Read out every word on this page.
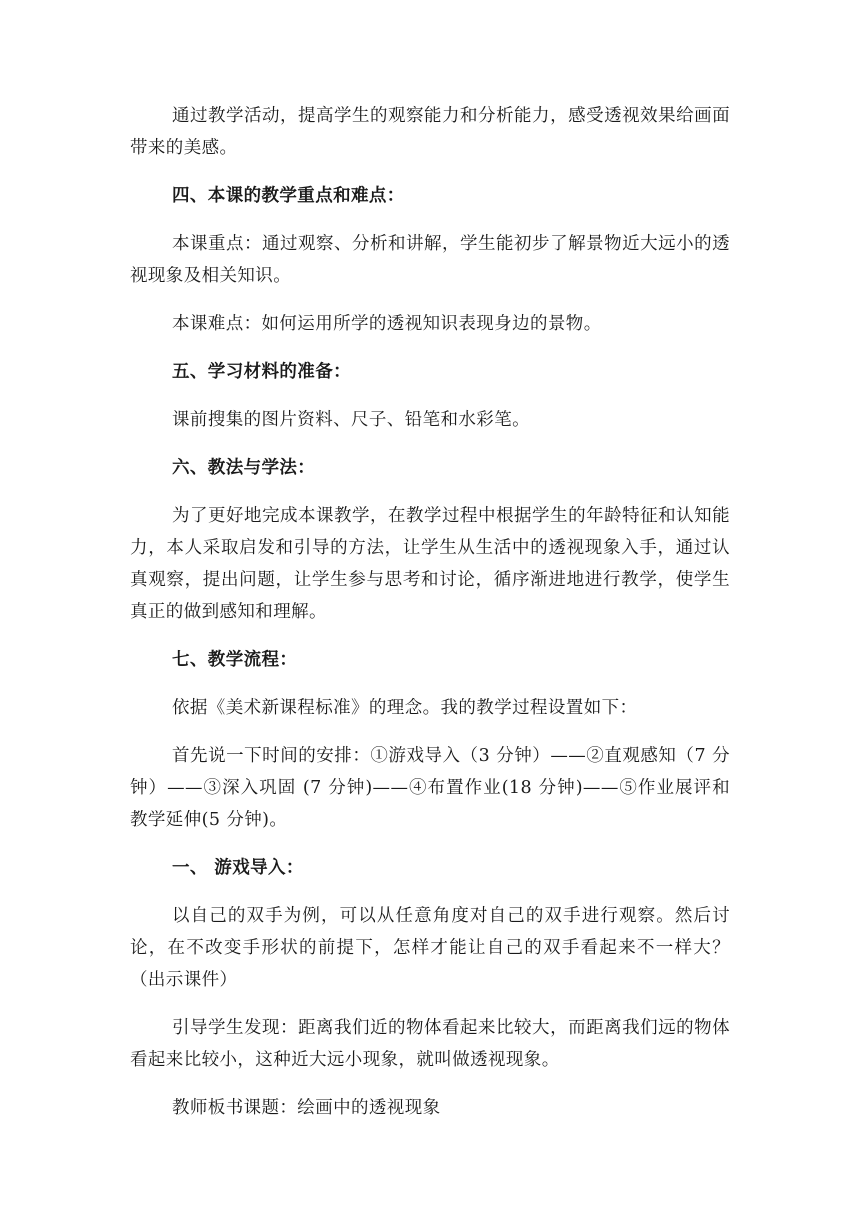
通过教学活动，提高学生的观察能力和分析能力，感受透视效果给画面带来的美感。

四、本课的教学重点和难点：

本课重点：通过观察、分析和讲解，学生能初步了解景物近大远小的透视现象及相关知识。

本课难点：如何运用所学的透视知识表现身边的景物。

五、学习材料的准备：

课前搜集的图片资料、尺子、铅笔和水彩笔。

六、教法与学法：

为了更好地完成本课教学，在教学过程中根据学生的年龄特征和认知能力，本人采取启发和引导的方法，让学生从生活中的透视现象入手，通过认真观察，提出问题，让学生参与思考和讨论，循序渐进地进行教学，使学生真正的做到感知和理解。

七、教学流程：

依据《美术新课程标准》的理念。我的教学过程设置如下：

首先说一下时间的安排：①游戏导入（3 分钟）——②直观感知（7 分钟）——③深入巩固 (7 分钟)——④布置作业(18 分钟)——⑤作业展评和教学延伸(5 分钟)。

一、 游戏导入：

以自己的双手为例，可以从任意角度对自己的双手进行观察。然后讨论，在不改变手形状的前提下，怎样才能让自己的双手看起来不一样大？（出示课件）

引导学生发现：距离我们近的物体看起来比较大，而距离我们远的物体看起来比较小，这种近大远小现象，就叫做透视现象。

教师板书课题：绘画中的透视现象
